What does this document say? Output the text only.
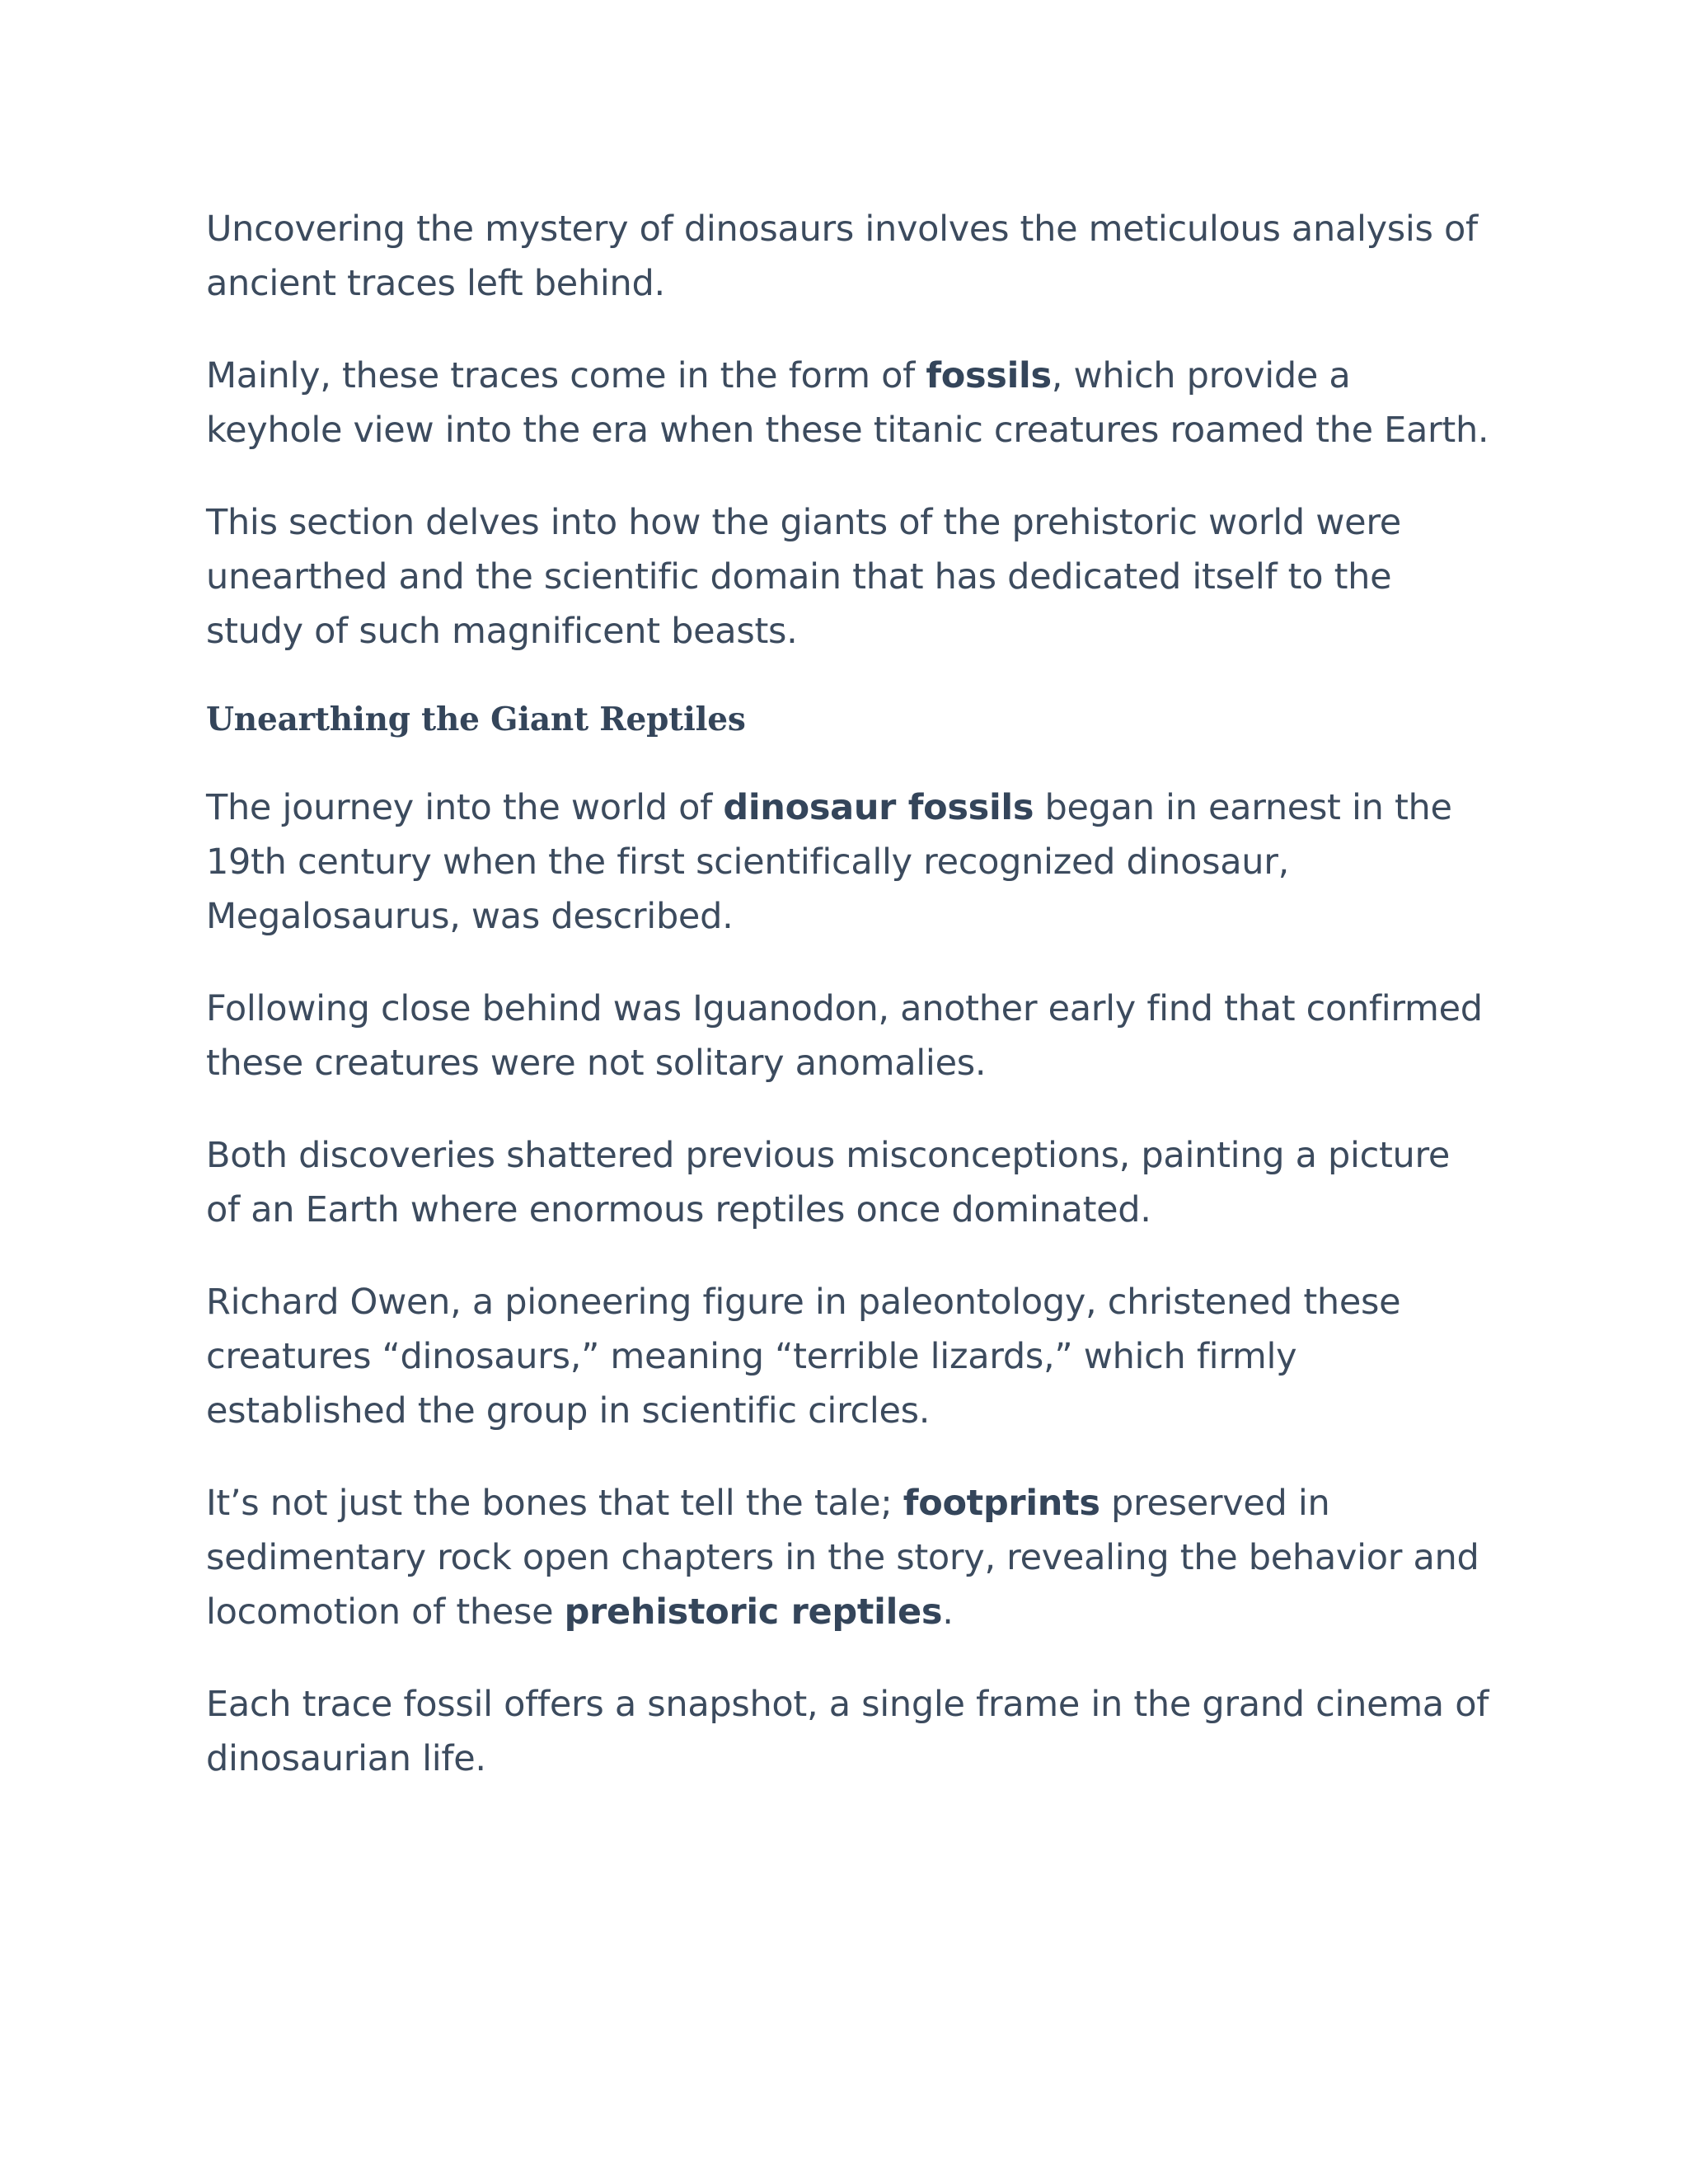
Uncovering the mystery of dinosaurs involves the meticulous analysis of ancient traces left behind.

Mainly, these traces come in the form of fossils, which provide a keyhole view into the era when these titanic creatures roamed the Earth.

This section delves into how the giants of the prehistoric world were unearthed and the scientific domain that has dedicated itself to the study of such magnificent beasts.

Unearthing the Giant Reptiles

The journey into the world of dinosaur fossils began in earnest in the 19th century when the first scientifically recognized dinosaur, Megalosaurus, was described.

Following close behind was Iguanodon, another early find that confirmed these creatures were not solitary anomalies.

Both discoveries shattered previous misconceptions, painting a picture of an Earth where enormous reptiles once dominated.

Richard Owen, a pioneering figure in paleontology, christened these creatures “dinosaurs,” meaning “terrible lizards,” which firmly established the group in scientific circles.

It’s not just the bones that tell the tale; footprints preserved in sedimentary rock open chapters in the story, revealing the behavior and locomotion of these prehistoric reptiles.

Each trace fossil offers a snapshot, a single frame in the grand cinema of dinosaurian life.
